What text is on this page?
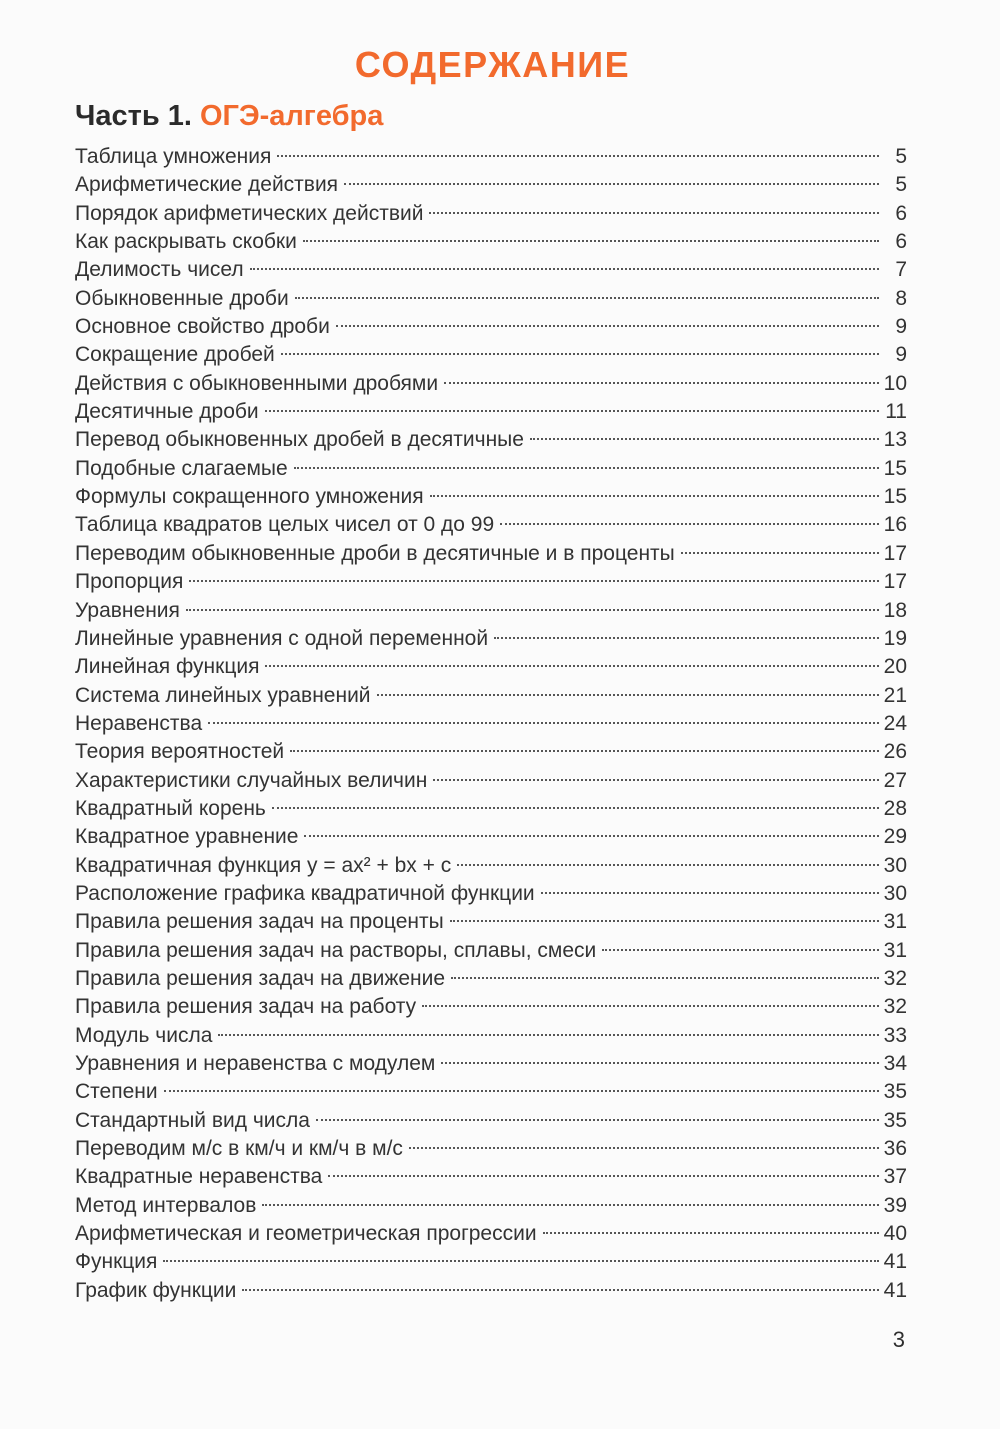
СОДЕРЖАНИЕ
Часть 1. ОГЭ-алгебра
Таблица умножения	5
Арифметические действия	5
Порядок арифметических действий	6
Как раскрывать скобки	6
Делимость чисел	7
Обыкновенные дроби	8
Основное свойство дроби	9
Сокращение дробей	9
Действия с обыкновенными дробями	10
Десятичные дроби	11
Перевод обыкновенных дробей в десятичные	13
Подобные слагаемые	15
Формулы сокращенного умножения	15
Таблица квадратов целых чисел от 0 до 99	16
Переводим обыкновенные дроби в десятичные и в проценты	17
Пропорция	17
Уравнения	18
Линейные уравнения с одной переменной	19
Линейная функция	20
Система линейных уравнений	21
Неравенства	24
Теория вероятностей	26
Характеристики случайных величин	27
Квадратный корень	28
Квадратное уравнение	29
Квадратичная функция y = ax² + bx + c	30
Расположение графика квадратичной функции	30
Правила решения задач на проценты	31
Правила решения задач на растворы, сплавы, смеси	31
Правила решения задач на движение	32
Правила решения задач на работу	32
Модуль числа	33
Уравнения и неравенства с модулем	34
Степени	35
Стандартный вид числа	35
Переводим м/с в км/ч и км/ч в м/с	36
Квадратные неравенства	37
Метод интервалов	39
Арифметическая и геометрическая прогрессии	40
Функция	41
График функции	41
3
